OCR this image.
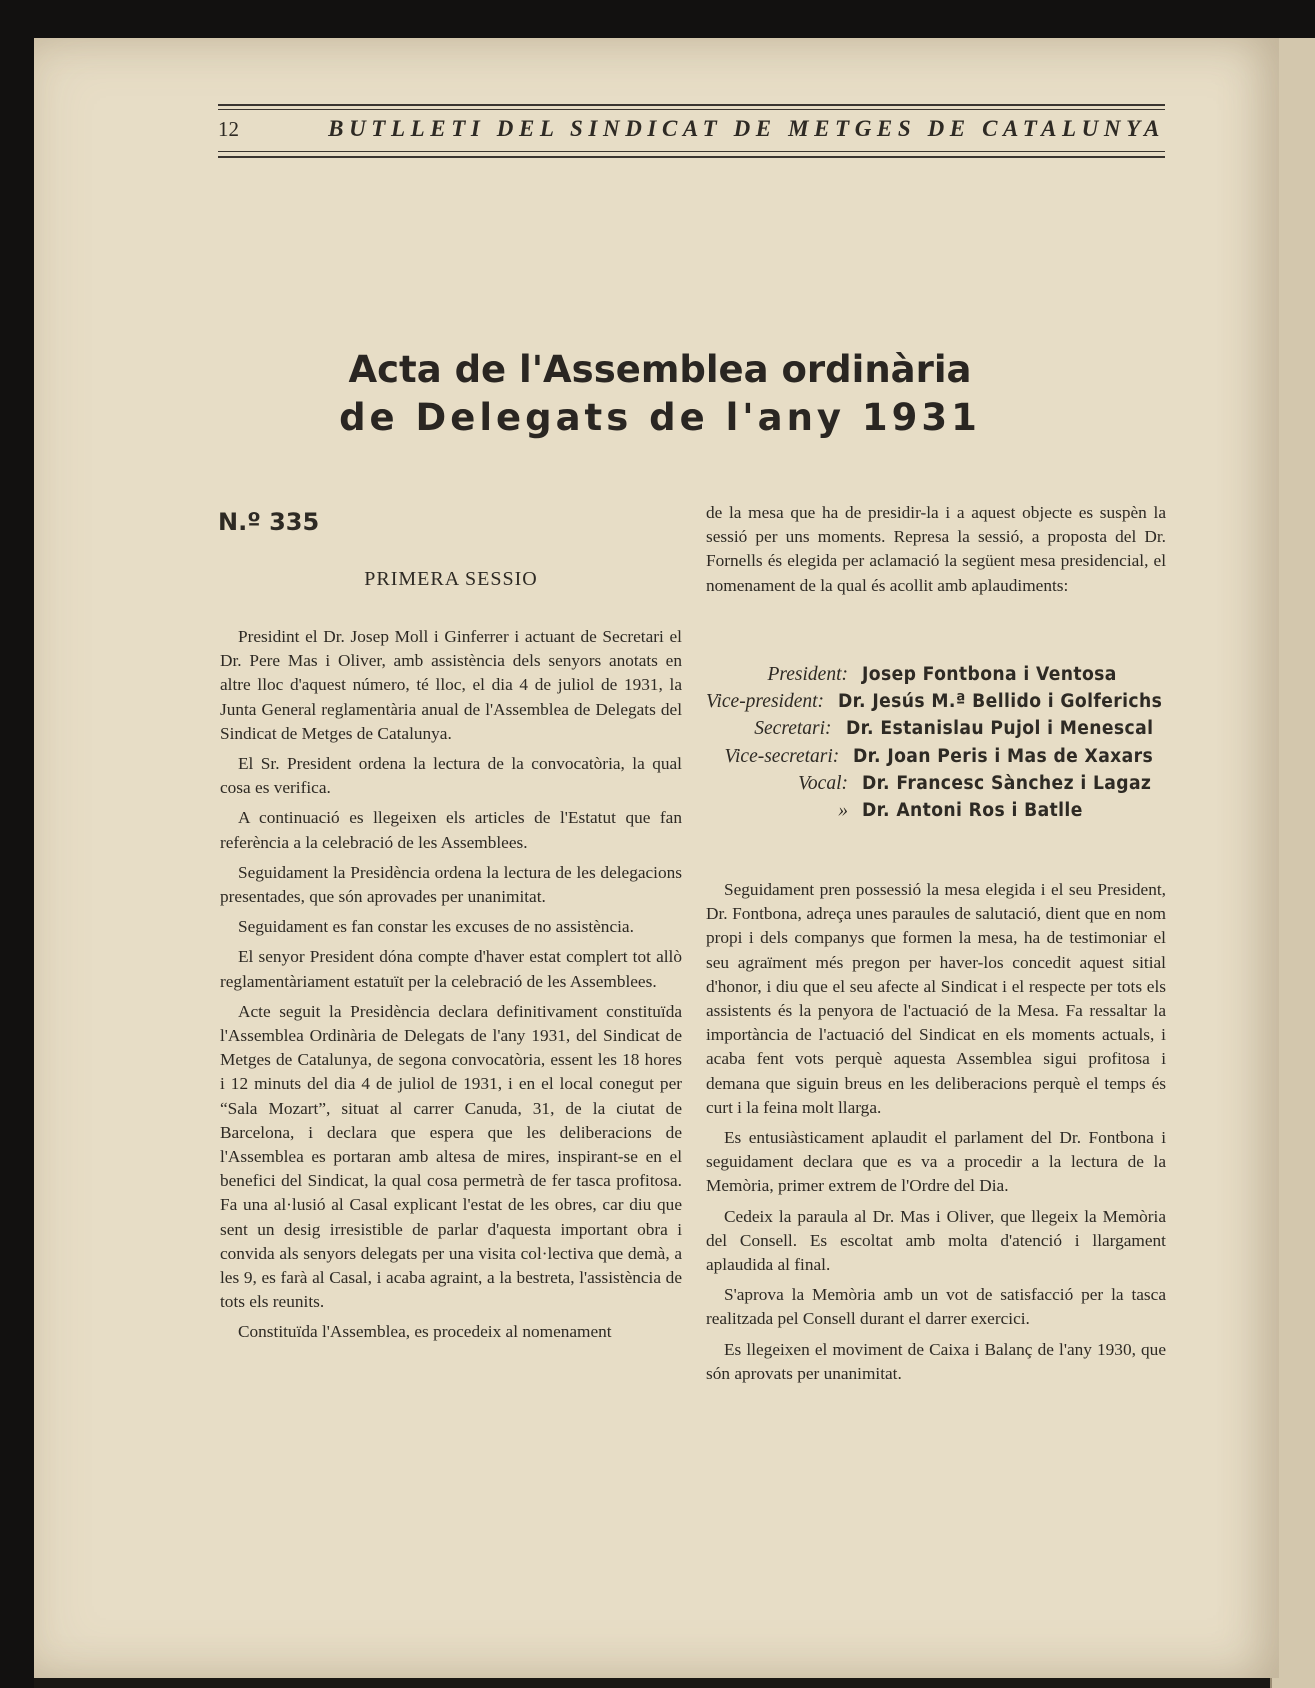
12	BUTLLETI DEL SINDICAT DE METGES DE CATALUNYA
Acta de l'Assemblea ordinària
de Delegats de l'any 1931
N.º 335
PRIMERA SESSIO

Presidint el Dr. Josep Moll i Ginferrer i actuant de Secretari el Dr. Pere Mas i Oliver, amb assistència dels senyors anotats en altre lloc d'aquest número, té lloc, el dia 4 de juliol de 1931, la Junta General reglamentària anual de l'Assemblea de Delegats del Sindicat de Metges de Catalunya.

El Sr. President ordena la lectura de la convocatòria, la qual cosa es verifica.

A continuació es llegeixen els articles de l'Estatut que fan referència a la celebració de les Assemblees.

Seguidament la Presidència ordena la lectura de les delegacions presentades, que són aprovades per unanimitat.

Seguidament es fan constar les excuses de no assistència.

El senyor President dóna compte d'haver estat complert tot allò reglamentàriament estatuït per la celebració de les Assemblees.

Acte seguit la Presidència declara definitivament constituïda l'Assemblea Ordinària de Delegats de l'any 1931, del Sindicat de Metges de Catalunya, de segona convocatòria, essent les 18 hores i 12 minuts del dia 4 de juliol de 1931, i en el local conegut per “Sala Mozart”, situat al carrer Canuda, 31, de la ciutat de Barcelona, i declara que espera que les deliberacions de l'Assemblea es portaran amb altesa de mires, inspirant-se en el benefici del Sindicat, la qual cosa permetrà de fer tasca profitosa. Fa una al·lusió al Casal explicant l'estat de les obres, car diu que sent un desig irresistible de parlar d'aquesta important obra i convida als senyors delegats per una visita col·lectiva que demà, a les 9, es farà al Casal, i acaba agraint, a la bestreta, l'assistència de tots els reunits.

Constituïda l'Assemblea, es procedeix al nomenament

de la mesa que ha de presidir-la i a aquest objecte es suspèn la sessió per uns moments. Represa la sessió, a proposta del Dr. Fornells és elegida per aclamació la següent mesa presidencial, el nomenament de la qual és acollit amb aplaudiments:

President: Josep Fontbona i Ventosa
Vice-president: Dr. Jesús M.ª Bellido i Golferichs
Secretari: Dr. Estanislau Pujol i Menescal
Vice-secretari: Dr. Joan Peris i Mas de Xaxars
Vocal: Dr. Francesc Sànchez i Lagaz
» Dr. Antoni Ros i Batlle

Seguidament pren possessió la mesa elegida i el seu President, Dr. Fontbona, adreça unes paraules de salutació, dient que en nom propi i dels companys que formen la mesa, ha de testimoniar el seu agraïment més pregon per haver-los concedit aquest sitial d'honor, i diu que el seu afecte al Sindicat i el respecte per tots els assistents és la penyora de l'actuació de la Mesa. Fa ressaltar la importància de l'actuació del Sindicat en els moments actuals, i acaba fent vots perquè aquesta Assemblea sigui profitosa i demana que siguin breus en les deliberacions perquè el temps és curt i la feina molt llarga.

Es entusiàsticament aplaudit el parlament del Dr. Fontbona i seguidament declara que es va a procedir a la lectura de la Memòria, primer extrem de l'Ordre del Dia.

Cedeix la paraula al Dr. Mas i Oliver, que llegeix la Memòria del Consell. Es escoltat amb molta d'atenció i llargament aplaudida al final.

S'aprova la Memòria amb un vot de satisfacció per la tasca realitzada pel Consell durant el darrer exercici.

Es llegeixen el moviment de Caixa i Balanç de l'any 1930, que són aprovats per unanimitat.
